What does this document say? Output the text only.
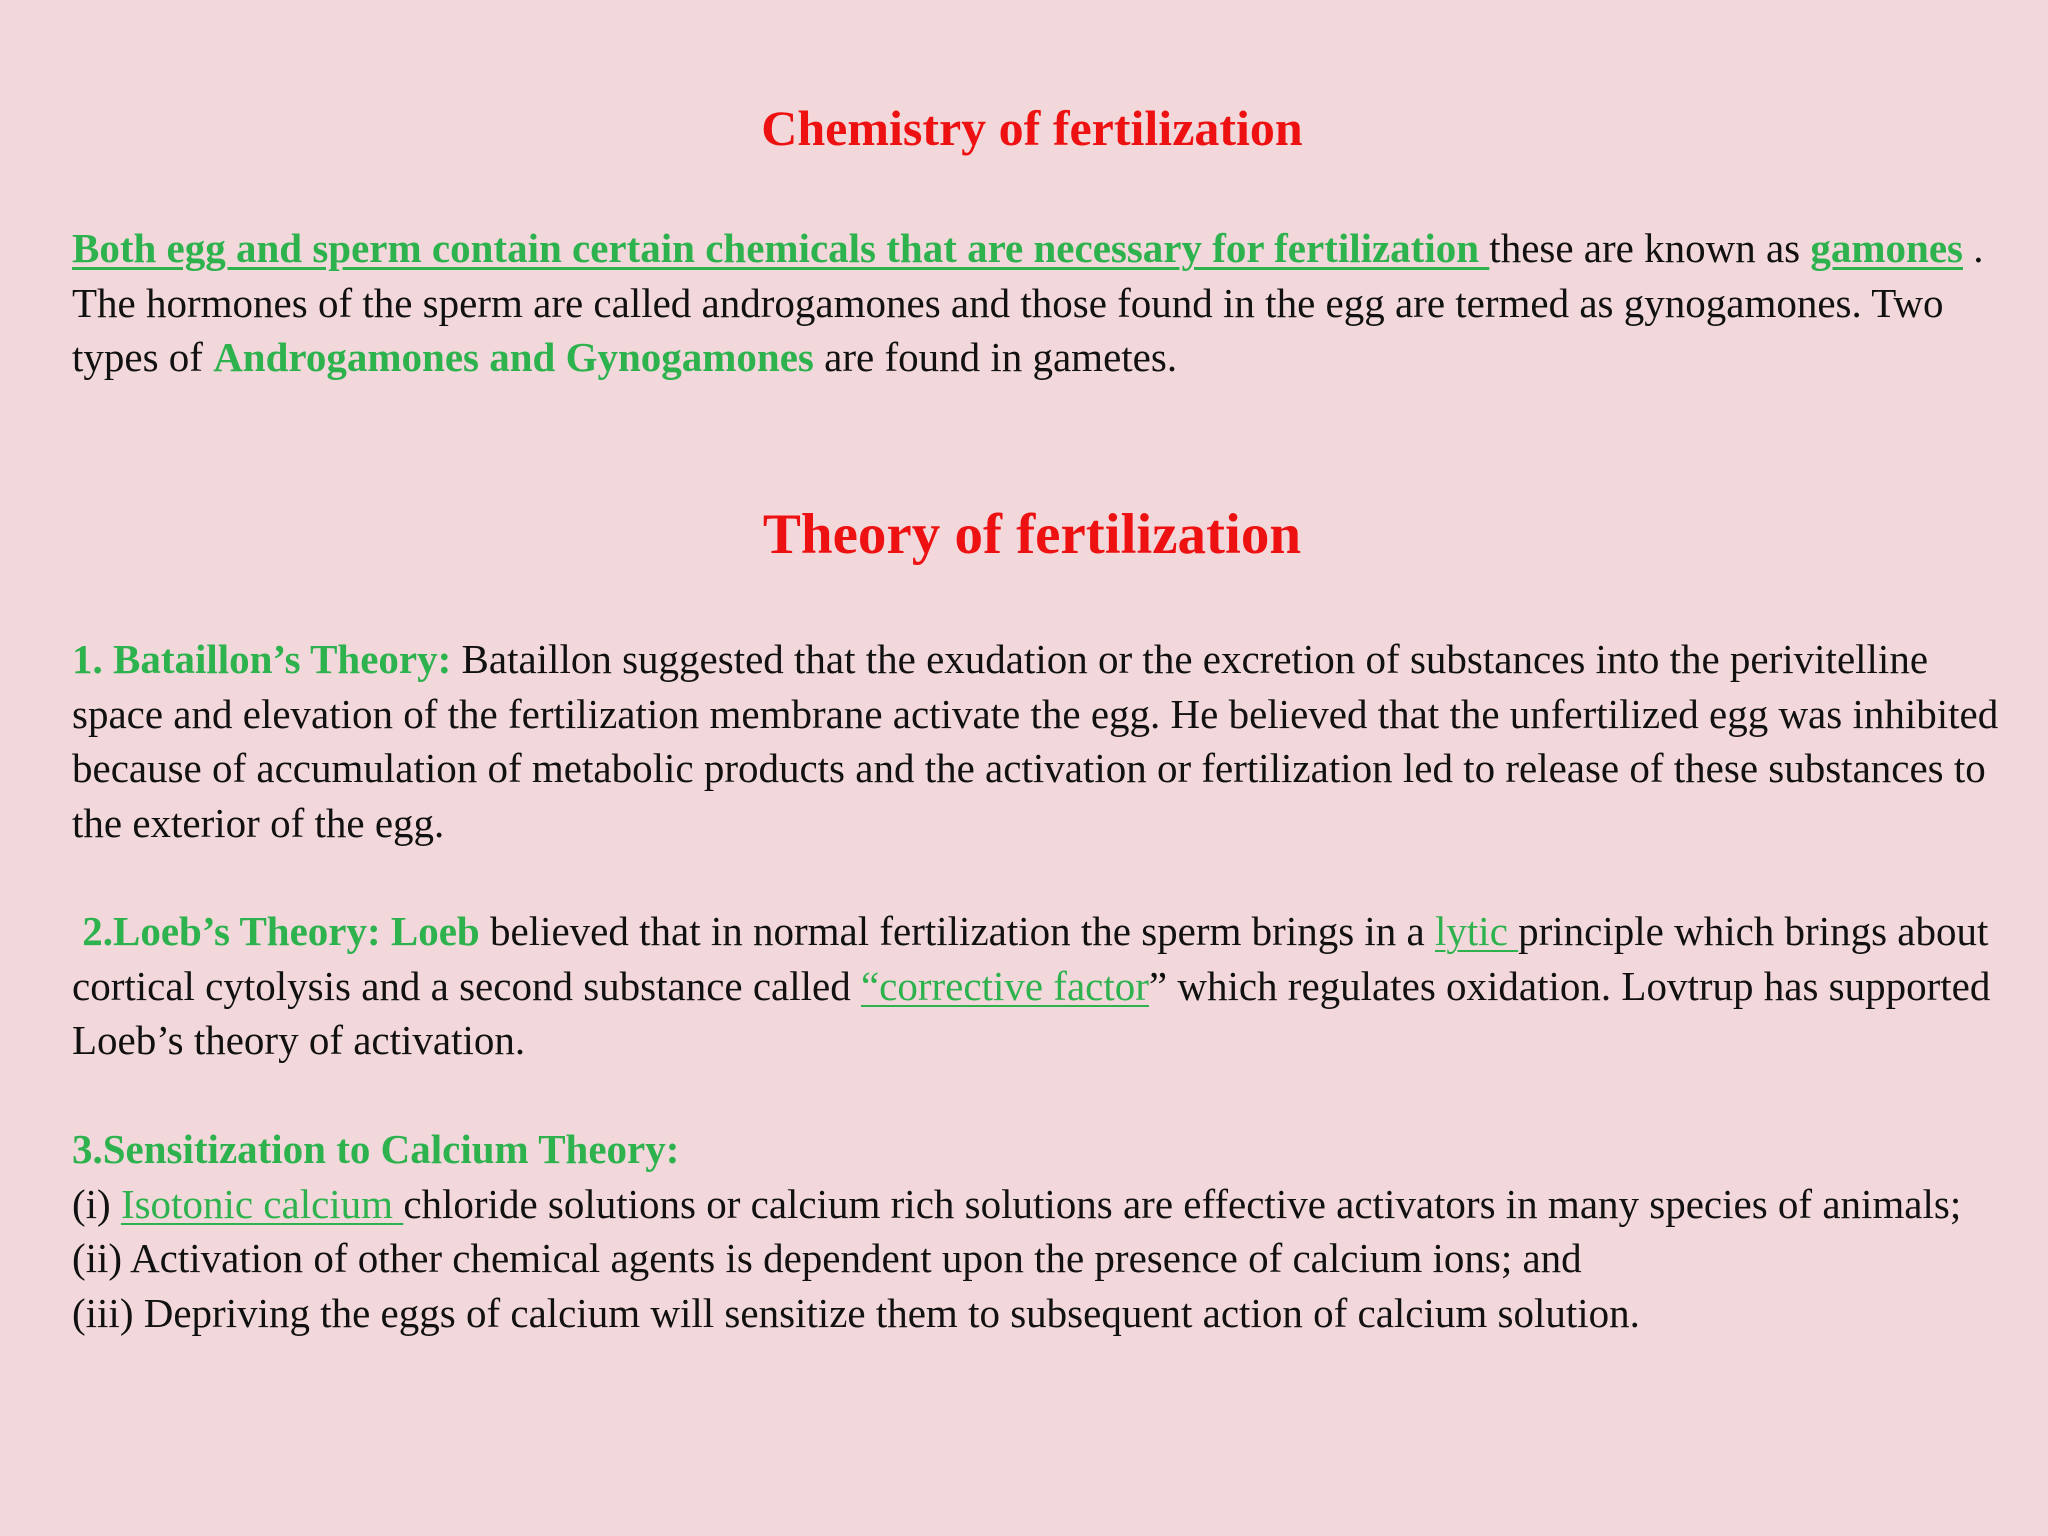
Chemistry of fertilization

Both egg and sperm contain certain chemicals that are necessary for fertilization these are known as gamones . The hormones of the sperm are called androgamones and those found in the egg are termed as gynogamones. Two types of Androgamones and Gynogamones are found in gametes.

Theory of fertilization

1. Bataillon’s Theory: Bataillon suggested that the exudation or the excretion of substances into the perivitelline space and elevation of the fertilization membrane activate the egg. He believed that the unfertilized egg was inhibited because of accumulation of metabolic products and the activation or fertilization led to release of these substances to the exterior of the egg.

2.Loeb’s Theory: Loeb believed that in normal fertilization the sperm brings in a lytic principle which brings about cortical cytolysis and a second substance called “corrective factor” which regulates oxidation. Lovtrup has supported Loeb’s theory of activation.

3.Sensitization to Calcium Theory:
(i) Isotonic calcium chloride solutions or calcium rich solutions are effective activators in many species of animals;
(ii) Activation of other chemical agents is dependent upon the presence of calcium ions; and
(iii) Depriving the eggs of calcium will sensitize them to subsequent action of calcium solution.
